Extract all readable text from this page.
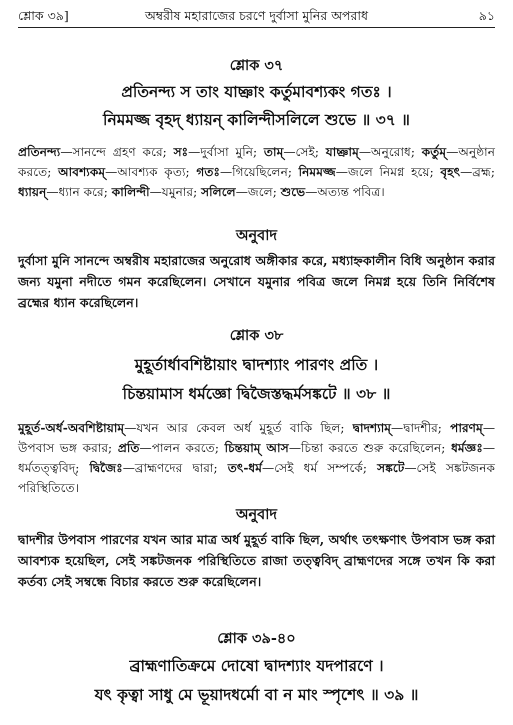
শ্লোক ৩৯]	অম্বরীষ মহারাজের চরণে দুর্বাসা মুনির অপরাধ	৯১
শ্লোক ৩৭
প্রতিনন্দ্য স তাং যাচ্ঞাং কর্তুমাবশ্যকং গতঃ ।
নিমমজ্জ বৃহদ্ ধ্যায়ন্ কালিন্দীসলিলে শুভে ॥ ৩৭ ॥
প্রতিনন্দ্য—সানন্দে গ্রহণ করে; সঃ—দুর্বাসা মুনি; তাম্—সেই; যাচ্ঞাম্—অনুরোধ; কর্তুম্—অনুষ্ঠান করতে; আবশ্যকম্—আবশ্যক কৃত্য; গতঃ—গিয়েছিলেন; নিমমজ্জ—জলে নিমগ্ন হয়ে; বৃহৎ—ব্রহ্ম; ধ্যায়ন্—ধ্যান করে; কালিন্দী—যমুনার; সলিলে—জলে; শুভে—অত্যন্ত পবিত্র।
অনুবাদ
দুর্বাসা মুনি সানন্দে অম্বরীষ মহারাজের অনুরোধ অঙ্গীকার করে, মধ্যাহ্নকালীন বিধি অনুষ্ঠান করার জন্য যমুনা নদীতে গমন করেছিলেন। সেখানে যমুনার পবিত্র জলে নিমগ্ন হয়ে তিনি নির্বিশেষ ব্রহ্মের ধ্যান করেছিলেন।
শ্লোক ৩৮
মুহূর্তার্ধাবশিষ্টায়াং দ্বাদশ্যাং পারণং প্রতি ।
চিন্তয়ামাস ধর্মজ্ঞো দ্বিজৈস্তদ্ধর্মসঙ্কটে ॥ ৩৮ ॥
মুহূর্ত-অর্ধ-অবশিষ্টায়াম্—যখন আর কেবল অর্ধ মুহূর্ত বাকি ছিল; দ্বাদশ্যাম্—দ্বাদশীর; পারণম্—উপবাস ভঙ্গ করার; প্রতি—পালন করতে; চিন্তয়াম্ আস—চিন্তা করতে শুরু করেছিলেন; ধর্মজ্ঞঃ—ধর্মতত্ত্ববিদ্; দ্বিজৈঃ—ব্রাহ্মণদের দ্বারা; তৎ-ধর্ম—সেই ধর্ম সম্পর্কে; সঙ্কটে—সেই সঙ্কটজনক পরিস্থিতিতে।
অনুবাদ
দ্বাদশীর উপবাস পারণের যখন আর মাত্র অর্ধ মুহূর্ত বাকি ছিল, অর্থাৎ তৎক্ষণাৎ উপবাস ভঙ্গ করা আবশ্যক হয়েছিল, সেই সঙ্কটজনক পরিস্থিতিতে রাজা তত্ত্ববিদ্ ব্রাহ্মণদের সঙ্গে তখন কি করা কর্তব্য সেই সম্বন্ধে বিচার করতে শুরু করেছিলেন।
শ্লোক ৩৯-৪০
ব্রাহ্মণাতিক্রমে দোষো দ্বাদশ্যাং যদপারণে ।
যৎ কৃত্বা সাধু মে ভূয়াদধর্মো বা ন মাং স্পৃশেৎ ॥ ৩৯ ॥
